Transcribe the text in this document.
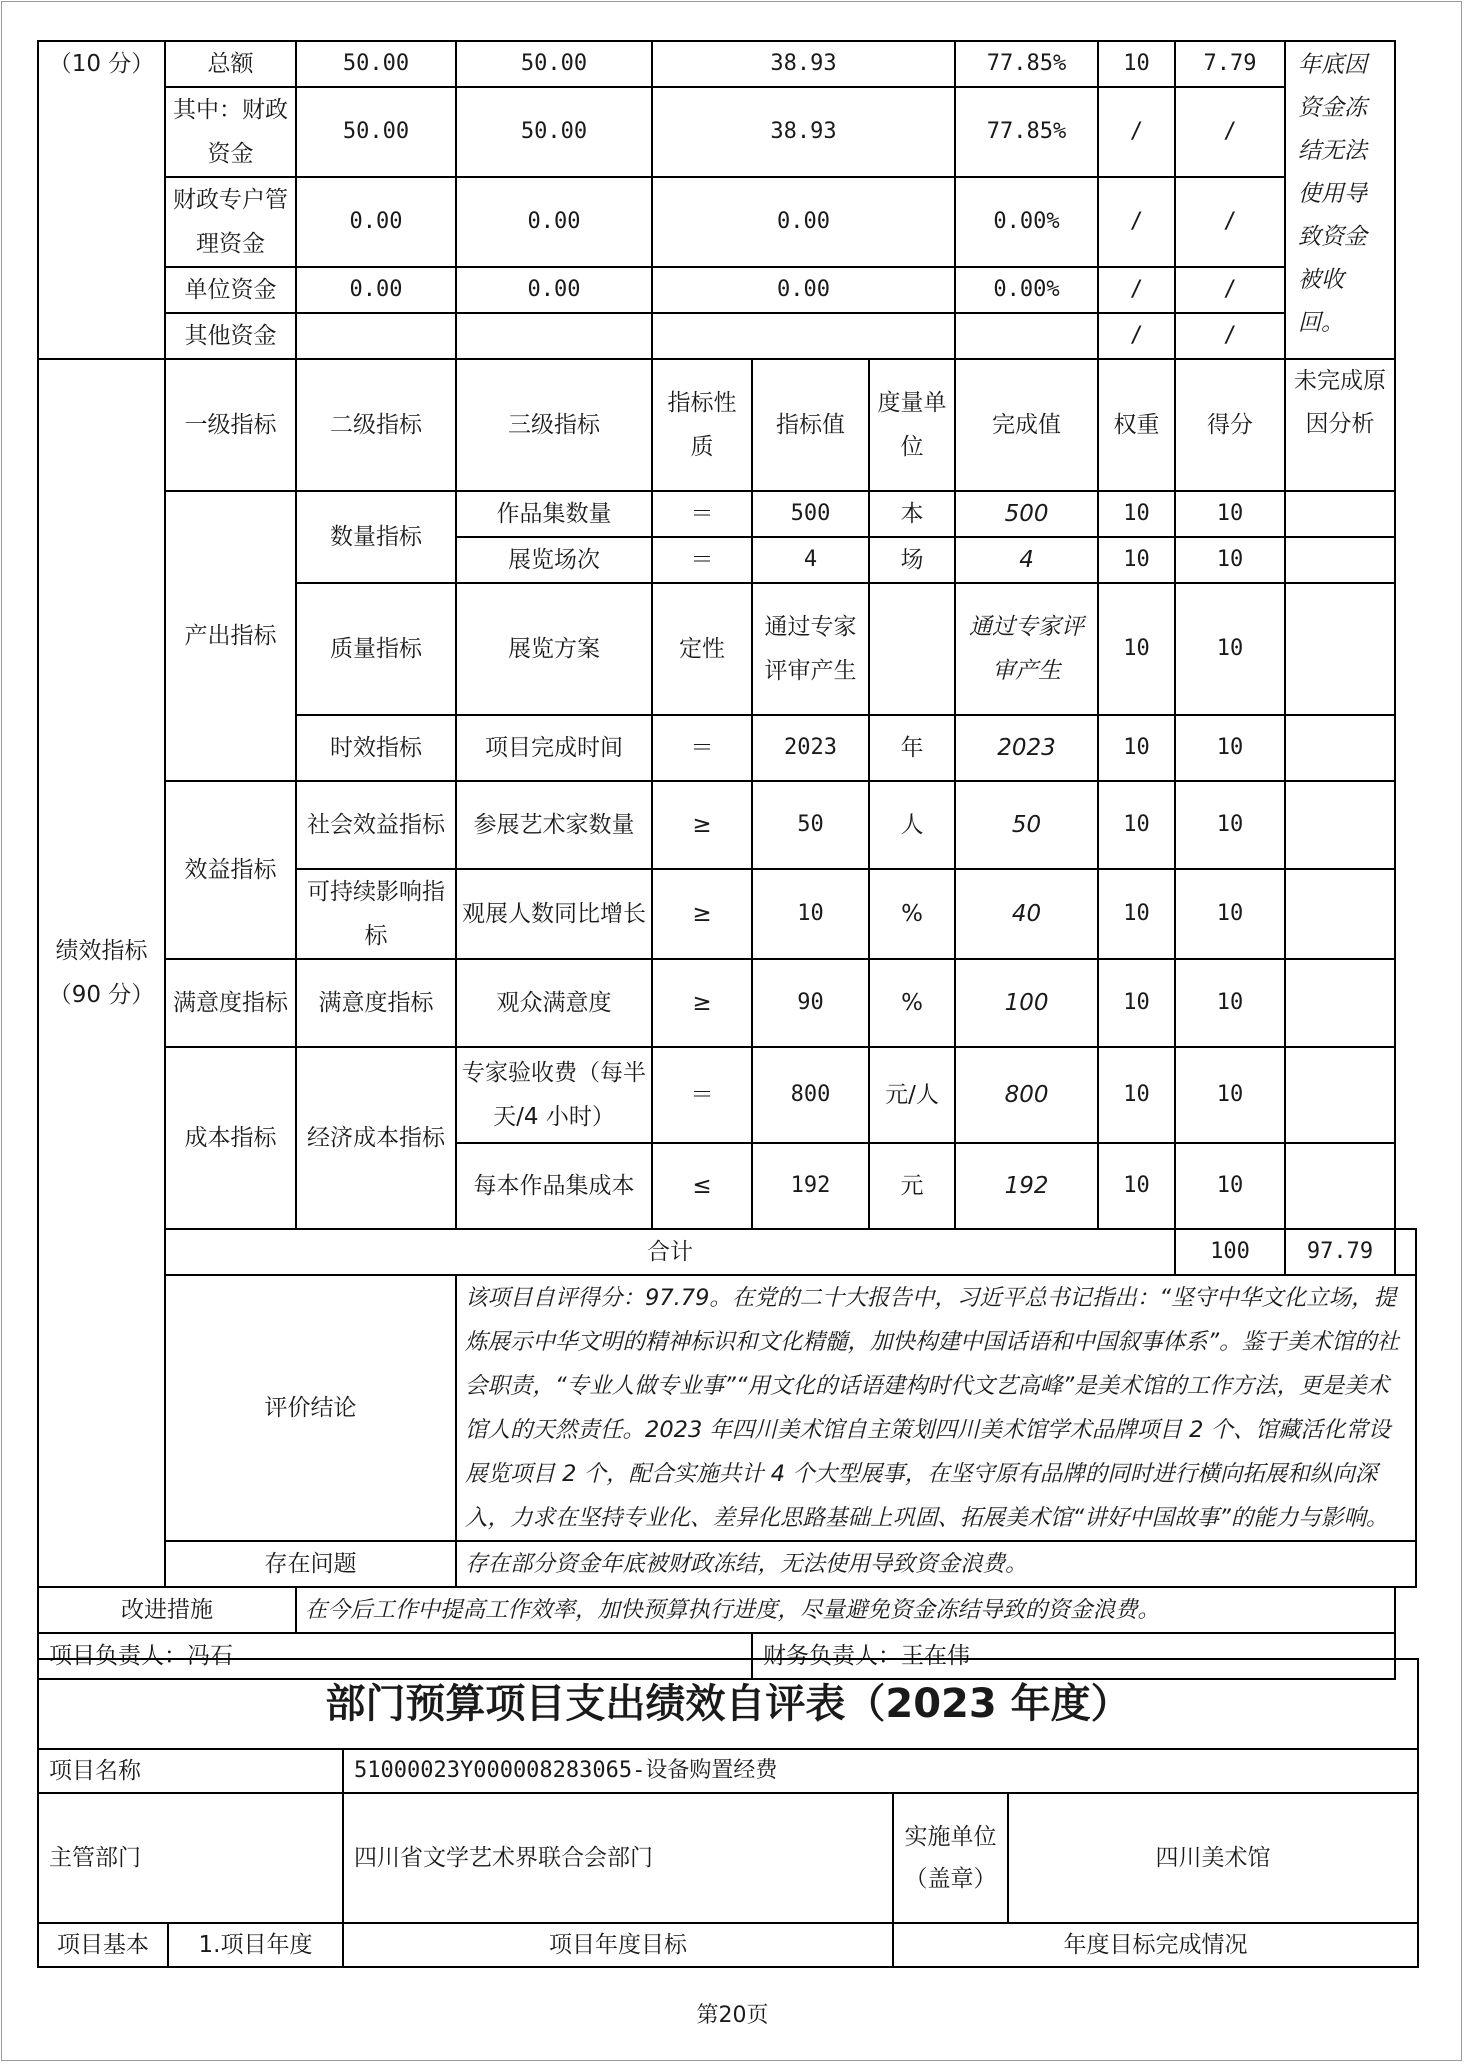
（10 分）	总额	50.00	50.00	38.93			77.85%	10	7.79	年底因资金冻结无法使用导致资金被收回。	
	其中：财政资金	50.00	50.00	38.93			77.85%	/	/		
	财政专户管理资金	0.00	0.00	0.00			0.00%	/	/		
	单位资金	0.00	0.00	0.00			0.00%	/	/		
	其他资金							/	/		
绩效指标（90 分）	一级指标	二级指标	三级指标	指标性质	指标值	度量单位	完成值	权重	得分	未完成原因分析	
	产出指标	数量指标	作品集数量	＝	500	本	500	10	10		
			展览场次	＝	4	场	4	10	10		
		质量指标	展览方案	定性	通过专家评审产生		通过专家评审产生	10	10		
		时效指标	项目完成时间	＝	2023	年	2023	10	10		
	效益指标	社会效益指标	参展艺术家数量	≥	50	人	50	10	10		
		可持续影响指标	观展人数同比增长	≥	10	%	40	10	10		
	满意度指标	满意度指标	观众满意度	≥	90	%	100	10	10		
	成本指标	经济成本指标	专家验收费（每半天/4 小时）	＝	800	元/人	800	10	10		
			每本作品集成本	≤	192	元	192	10	10		
	合计								100	97.79	
	评价结论		该项目自评得分：97.79。在党的二十大报告中，习近平总书记指出：“坚守中华文化立场，提炼展示中华文明的精神标识和文化精髓，加快构建中国话语和中国叙事体系”。鉴于美术馆的社会职责，“专业人做专业事”“用文化的话语建构时代文艺高峰”是美术馆的工作方法，更是美术馆人的天然责任。2023 年四川美术馆自主策划四川美术馆学术品牌项目 2 个、馆藏活化常设展览项目 2 个，配合实施共计 4 个大型展事，在坚守原有品牌的同时进行横向拓展和纵向深入，力求在坚持专业化、差异化思路基础上巩固、拓展美术馆“讲好中国故事”的能力与影响。								
	存在问题		存在部分资金年底被财政冻结，无法使用导致资金浪费。								
改进措施		在今后工作中提高工作效率，加快预算执行进度，尽量避免资金冻结导致的资金浪费。									
项目负责人：冯石					财务负责人：王在伟						
部门预算项目支出绩效自评表（2023 年度）				
项目名称		51000023Y000008283065-设备购置经费		
主管部门		四川省文学艺术界联合会部门	实施单位（盖章）	四川美术馆
项目基本	1.项目年度	项目年度目标	年度目标完成情况	
第20页
